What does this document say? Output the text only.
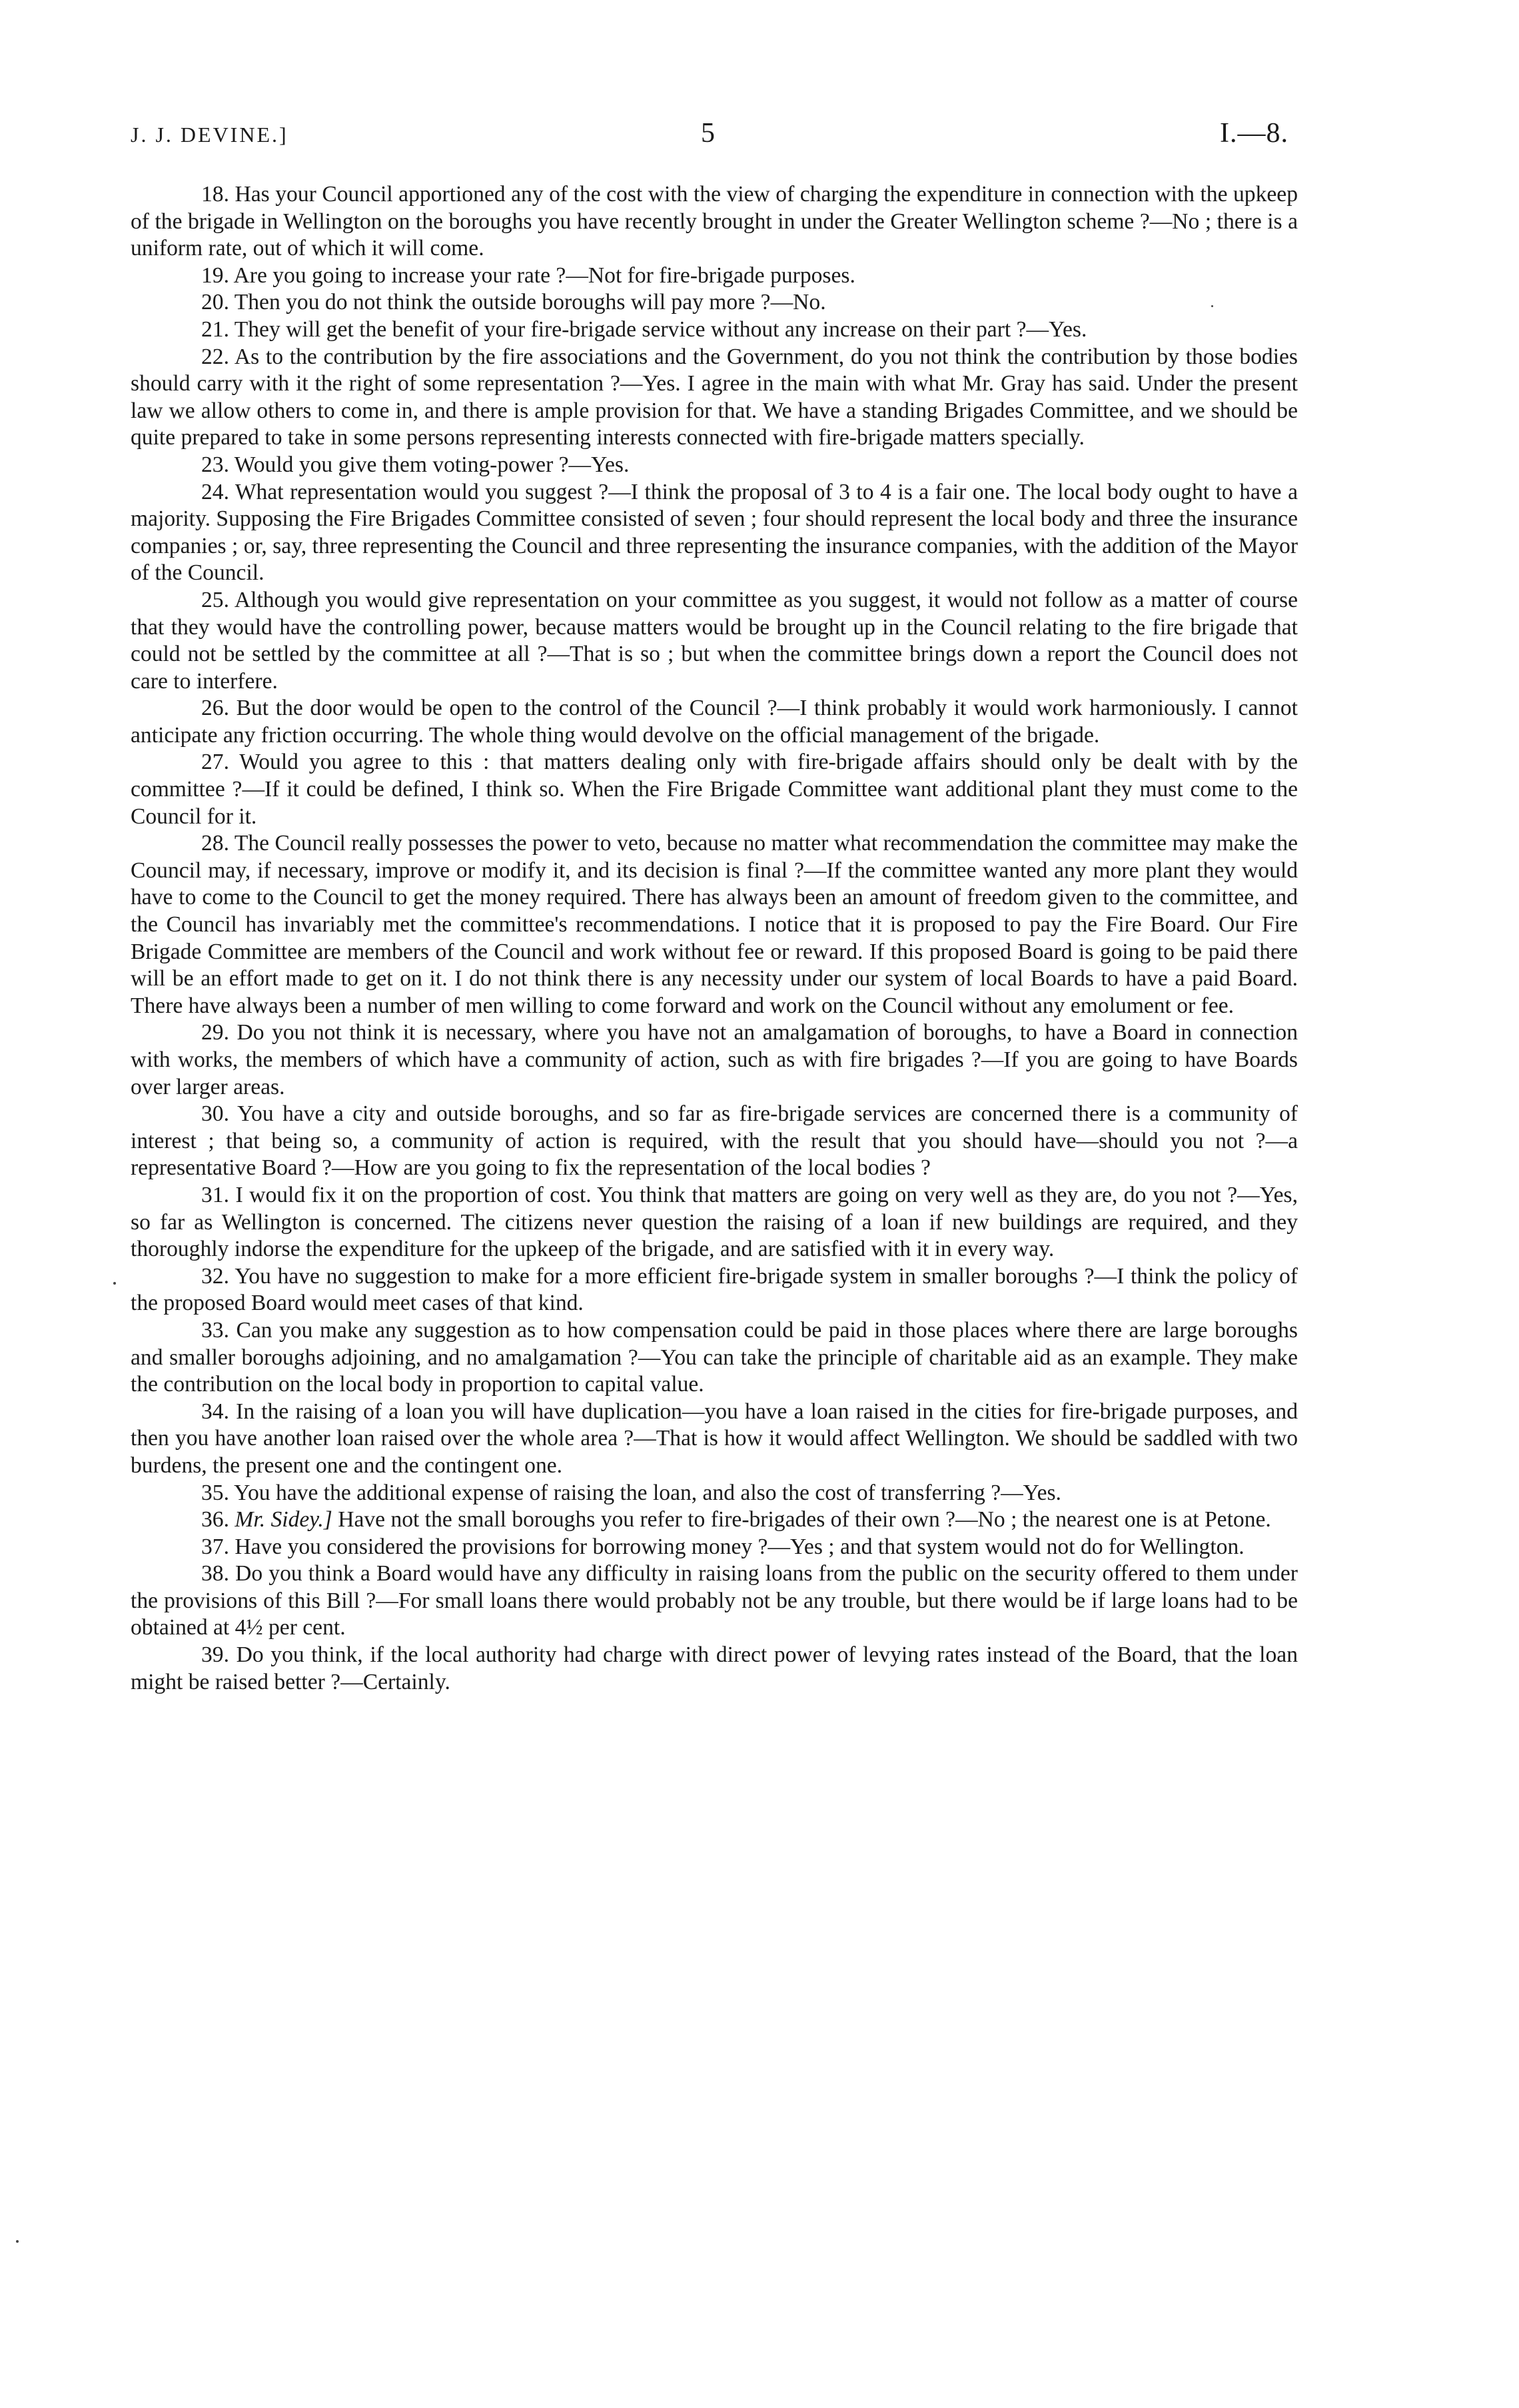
J. J. DEVINE.]	5	I.—8.

18. Has your Council apportioned any of the cost with the view of charging the expenditure in connection with the upkeep of the brigade in Wellington on the boroughs you have recently brought in under the Greater Wellington scheme ?—No ; there is a uniform rate, out of which it will come.

19. Are you going to increase your rate ?—Not for fire-brigade purposes.

20. Then you do not think the outside boroughs will pay more ?—No.

21. They will get the benefit of your fire-brigade service without any increase on their part ?—Yes.

22. As to the contribution by the fire associations and the Government, do you not think the contribution by those bodies should carry with it the right of some representation ?—Yes. I agree in the main with what Mr. Gray has said. Under the present law we allow others to come in, and there is ample provision for that. We have a standing Brigades Committee, and we should be quite prepared to take in some persons representing interests connected with fire-brigade matters specially.

23. Would you give them voting-power ?—Yes.

24. What representation would you suggest ?—I think the proposal of 3 to 4 is a fair one. The local body ought to have a majority. Supposing the Fire Brigades Committee consisted of seven ; four should represent the local body and three the insurance companies ; or, say, three representing the Council and three representing the insurance companies, with the addition of the Mayor of the Council.

25. Although you would give representation on your committee as you suggest, it would not follow as a matter of course that they would have the controlling power, because matters would be brought up in the Council relating to the fire brigade that could not be settled by the committee at all ?—That is so ; but when the committee brings down a report the Council does not care to interfere.

26. But the door would be open to the control of the Council ?—I think probably it would work harmoniously. I cannot anticipate any friction occurring. The whole thing would devolve on the official management of the brigade.

27. Would you agree to this : that matters dealing only with fire-brigade affairs should only be dealt with by the committee ?—If it could be defined, I think so. When the Fire Brigade Committee want additional plant they must come to the Council for it.

28. The Council really possesses the power to veto, because no matter what recommendation the committee may make the Council may, if necessary, improve or modify it, and its decision is final ?—If the committee wanted any more plant they would have to come to the Council to get the money required. There has always been an amount of freedom given to the committee, and the Council has invariably met the committee's recommendations. I notice that it is proposed to pay the Fire Board. Our Fire Brigade Committee are members of the Council and work without fee or reward. If this proposed Board is going to be paid there will be an effort made to get on it. I do not think there is any necessity under our system of local Boards to have a paid Board. There have always been a number of men willing to come forward and work on the Council without any emolument or fee.

29. Do you not think it is necessary, where you have not an amalgamation of boroughs, to have a Board in connection with works, the members of which have a community of action, such as with fire brigades ?—If you are going to have Boards over larger areas.

30. You have a city and outside boroughs, and so far as fire-brigade services are concerned there is a community of interest ; that being so, a community of action is required, with the result that you should have—should you not ?—a representative Board ?—How are you going to fix the representation of the local bodies ?

31. I would fix it on the proportion of cost. You think that matters are going on very well as they are, do you not ?—Yes, so far as Wellington is concerned. The citizens never question the raising of a loan if new buildings are required, and they thoroughly indorse the expenditure for the upkeep of the brigade, and are satisfied with it in every way.

32. You have no suggestion to make for a more efficient fire-brigade system in smaller boroughs ?—I think the policy of the proposed Board would meet cases of that kind.

33. Can you make any suggestion as to how compensation could be paid in those places where there are large boroughs and smaller boroughs adjoining, and no amalgamation ?—You can take the principle of charitable aid as an example. They make the contribution on the local body in proportion to capital value.

34. In the raising of a loan you will have duplication—you have a loan raised in the cities for fire-brigade purposes, and then you have another loan raised over the whole area ?—That is how it would affect Wellington. We should be saddled with two burdens, the present one and the contingent one.

35. You have the additional expense of raising the loan, and also the cost of transferring ?—Yes.

36. Mr. Sidey.] Have not the small boroughs you refer to fire-brigades of their own ?—No ; the nearest one is at Petone.

37. Have you considered the provisions for borrowing money ?—Yes ; and that system would not do for Wellington.

38. Do you think a Board would have any difficulty in raising loans from the public on the security offered to them under the provisions of this Bill ?—For small loans there would probably not be any trouble, but there would be if large loans had to be obtained at 4½ per cent.

39. Do you think, if the local authority had charge with direct power of levying rates instead of the Board, that the loan might be raised better ?—Certainly.
